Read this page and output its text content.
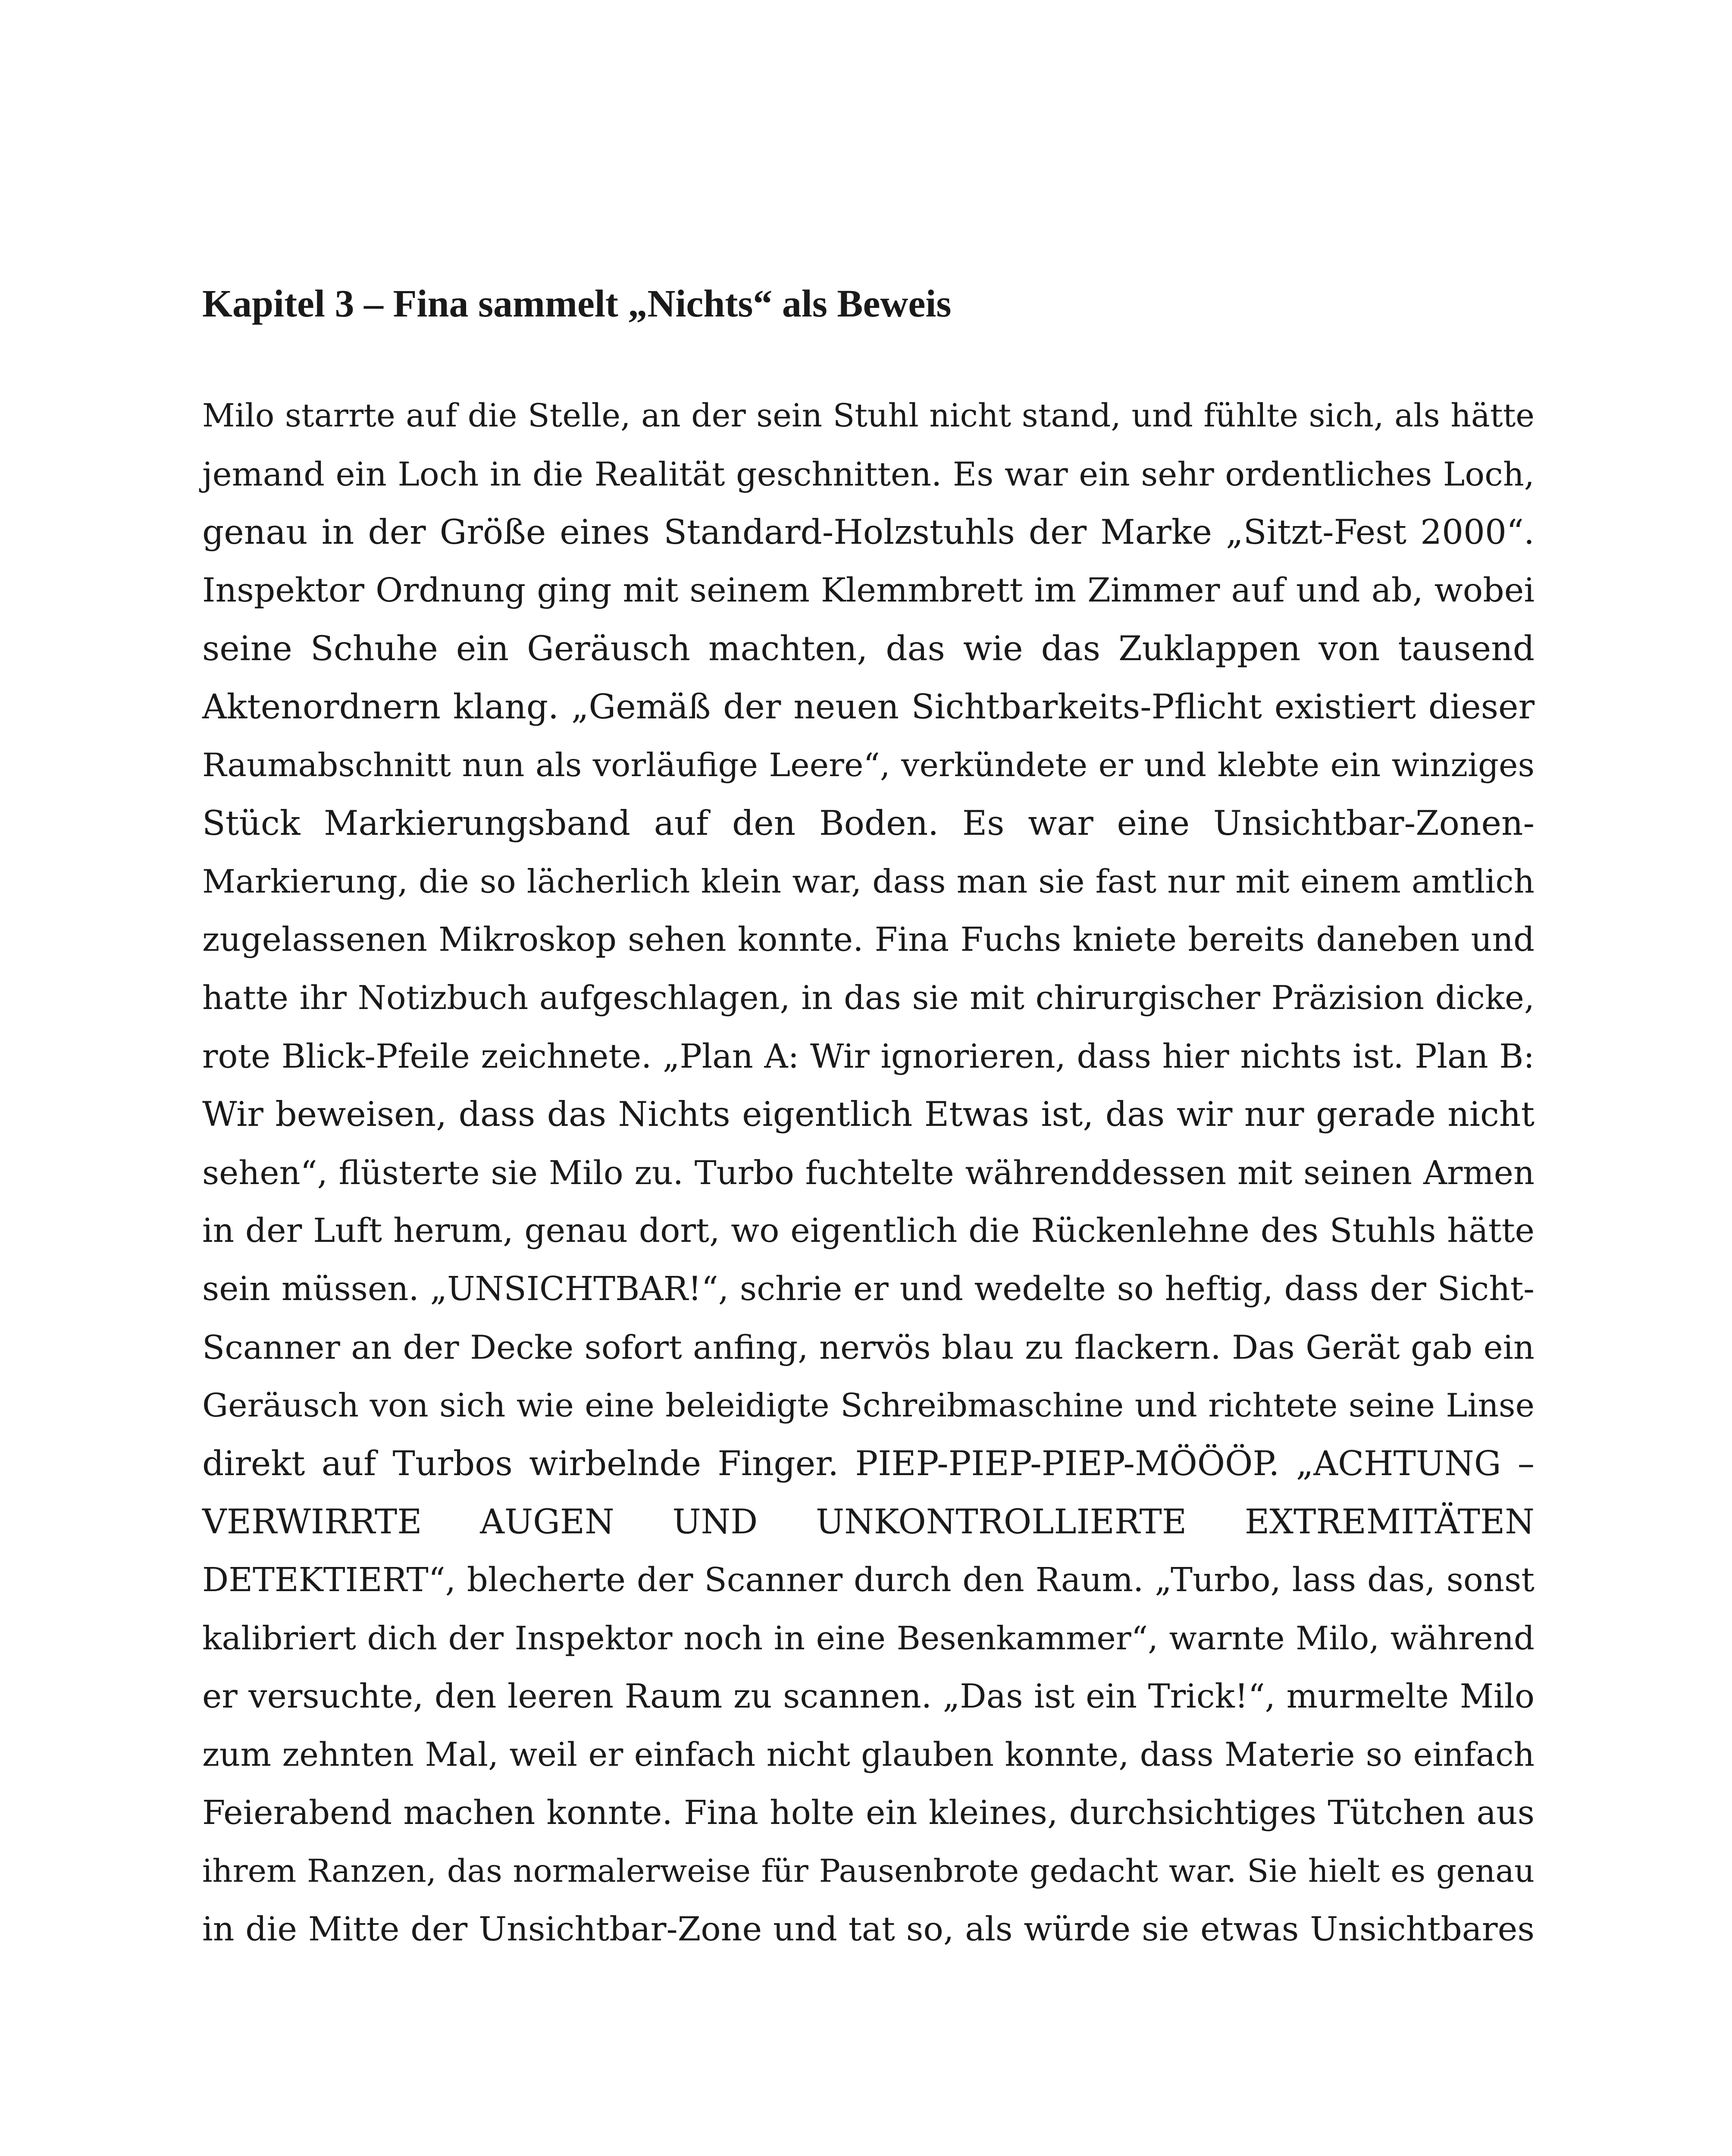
Kapitel 3 – Fina sammelt „Nichts“ als Beweis
Milo starrte auf die Stelle, an der sein Stuhl nicht stand, und fühlte sich, als hätte
jemand ein Loch in die Realität geschnitten. Es war ein sehr ordentliches Loch,
genau in der Größe eines Standard-Holzstuhls der Marke „Sitzt-Fest 2000“.
Inspektor Ordnung ging mit seinem Klemmbrett im Zimmer auf und ab, wobei
seine Schuhe ein Geräusch machten, das wie das Zuklappen von tausend
Aktenordnern klang. „Gemäß der neuen Sichtbarkeits-Pflicht existiert dieser
Raumabschnitt nun als vorläufige Leere“, verkündete er und klebte ein winziges
Stück Markierungsband auf den Boden. Es war eine Unsichtbar-Zonen-
Markierung, die so lächerlich klein war, dass man sie fast nur mit einem amtlich
zugelassenen Mikroskop sehen konnte. Fina Fuchs kniete bereits daneben und
hatte ihr Notizbuch aufgeschlagen, in das sie mit chirurgischer Präzision dicke,
rote Blick-Pfeile zeichnete. „Plan A: Wir ignorieren, dass hier nichts ist. Plan B:
Wir beweisen, dass das Nichts eigentlich Etwas ist, das wir nur gerade nicht
sehen“, flüsterte sie Milo zu. Turbo fuchtelte währenddessen mit seinen Armen
in der Luft herum, genau dort, wo eigentlich die Rückenlehne des Stuhls hätte
sein müssen. „UNSICHTBAR!“, schrie er und wedelte so heftig, dass der Sicht-
Scanner an der Decke sofort anfing, nervös blau zu flackern. Das Gerät gab ein
Geräusch von sich wie eine beleidigte Schreibmaschine und richtete seine Linse
direkt auf Turbos wirbelnde Finger. PIEP-PIEP-PIEP-MÖÖÖP. „ACHTUNG –
VERWIRRTE AUGEN UND UNKONTROLLIERTE EXTREMITÄTEN
DETEKTIERT“, blecherte der Scanner durch den Raum. „Turbo, lass das, sonst
kalibriert dich der Inspektor noch in eine Besenkammer“, warnte Milo, während
er versuchte, den leeren Raum zu scannen. „Das ist ein Trick!“, murmelte Milo
zum zehnten Mal, weil er einfach nicht glauben konnte, dass Materie so einfach
Feierabend machen konnte. Fina holte ein kleines, durchsichtiges Tütchen aus
ihrem Ranzen, das normalerweise für Pausenbrote gedacht war. Sie hielt es genau
in die Mitte der Unsichtbar-Zone und tat so, als würde sie etwas Unsichtbares
